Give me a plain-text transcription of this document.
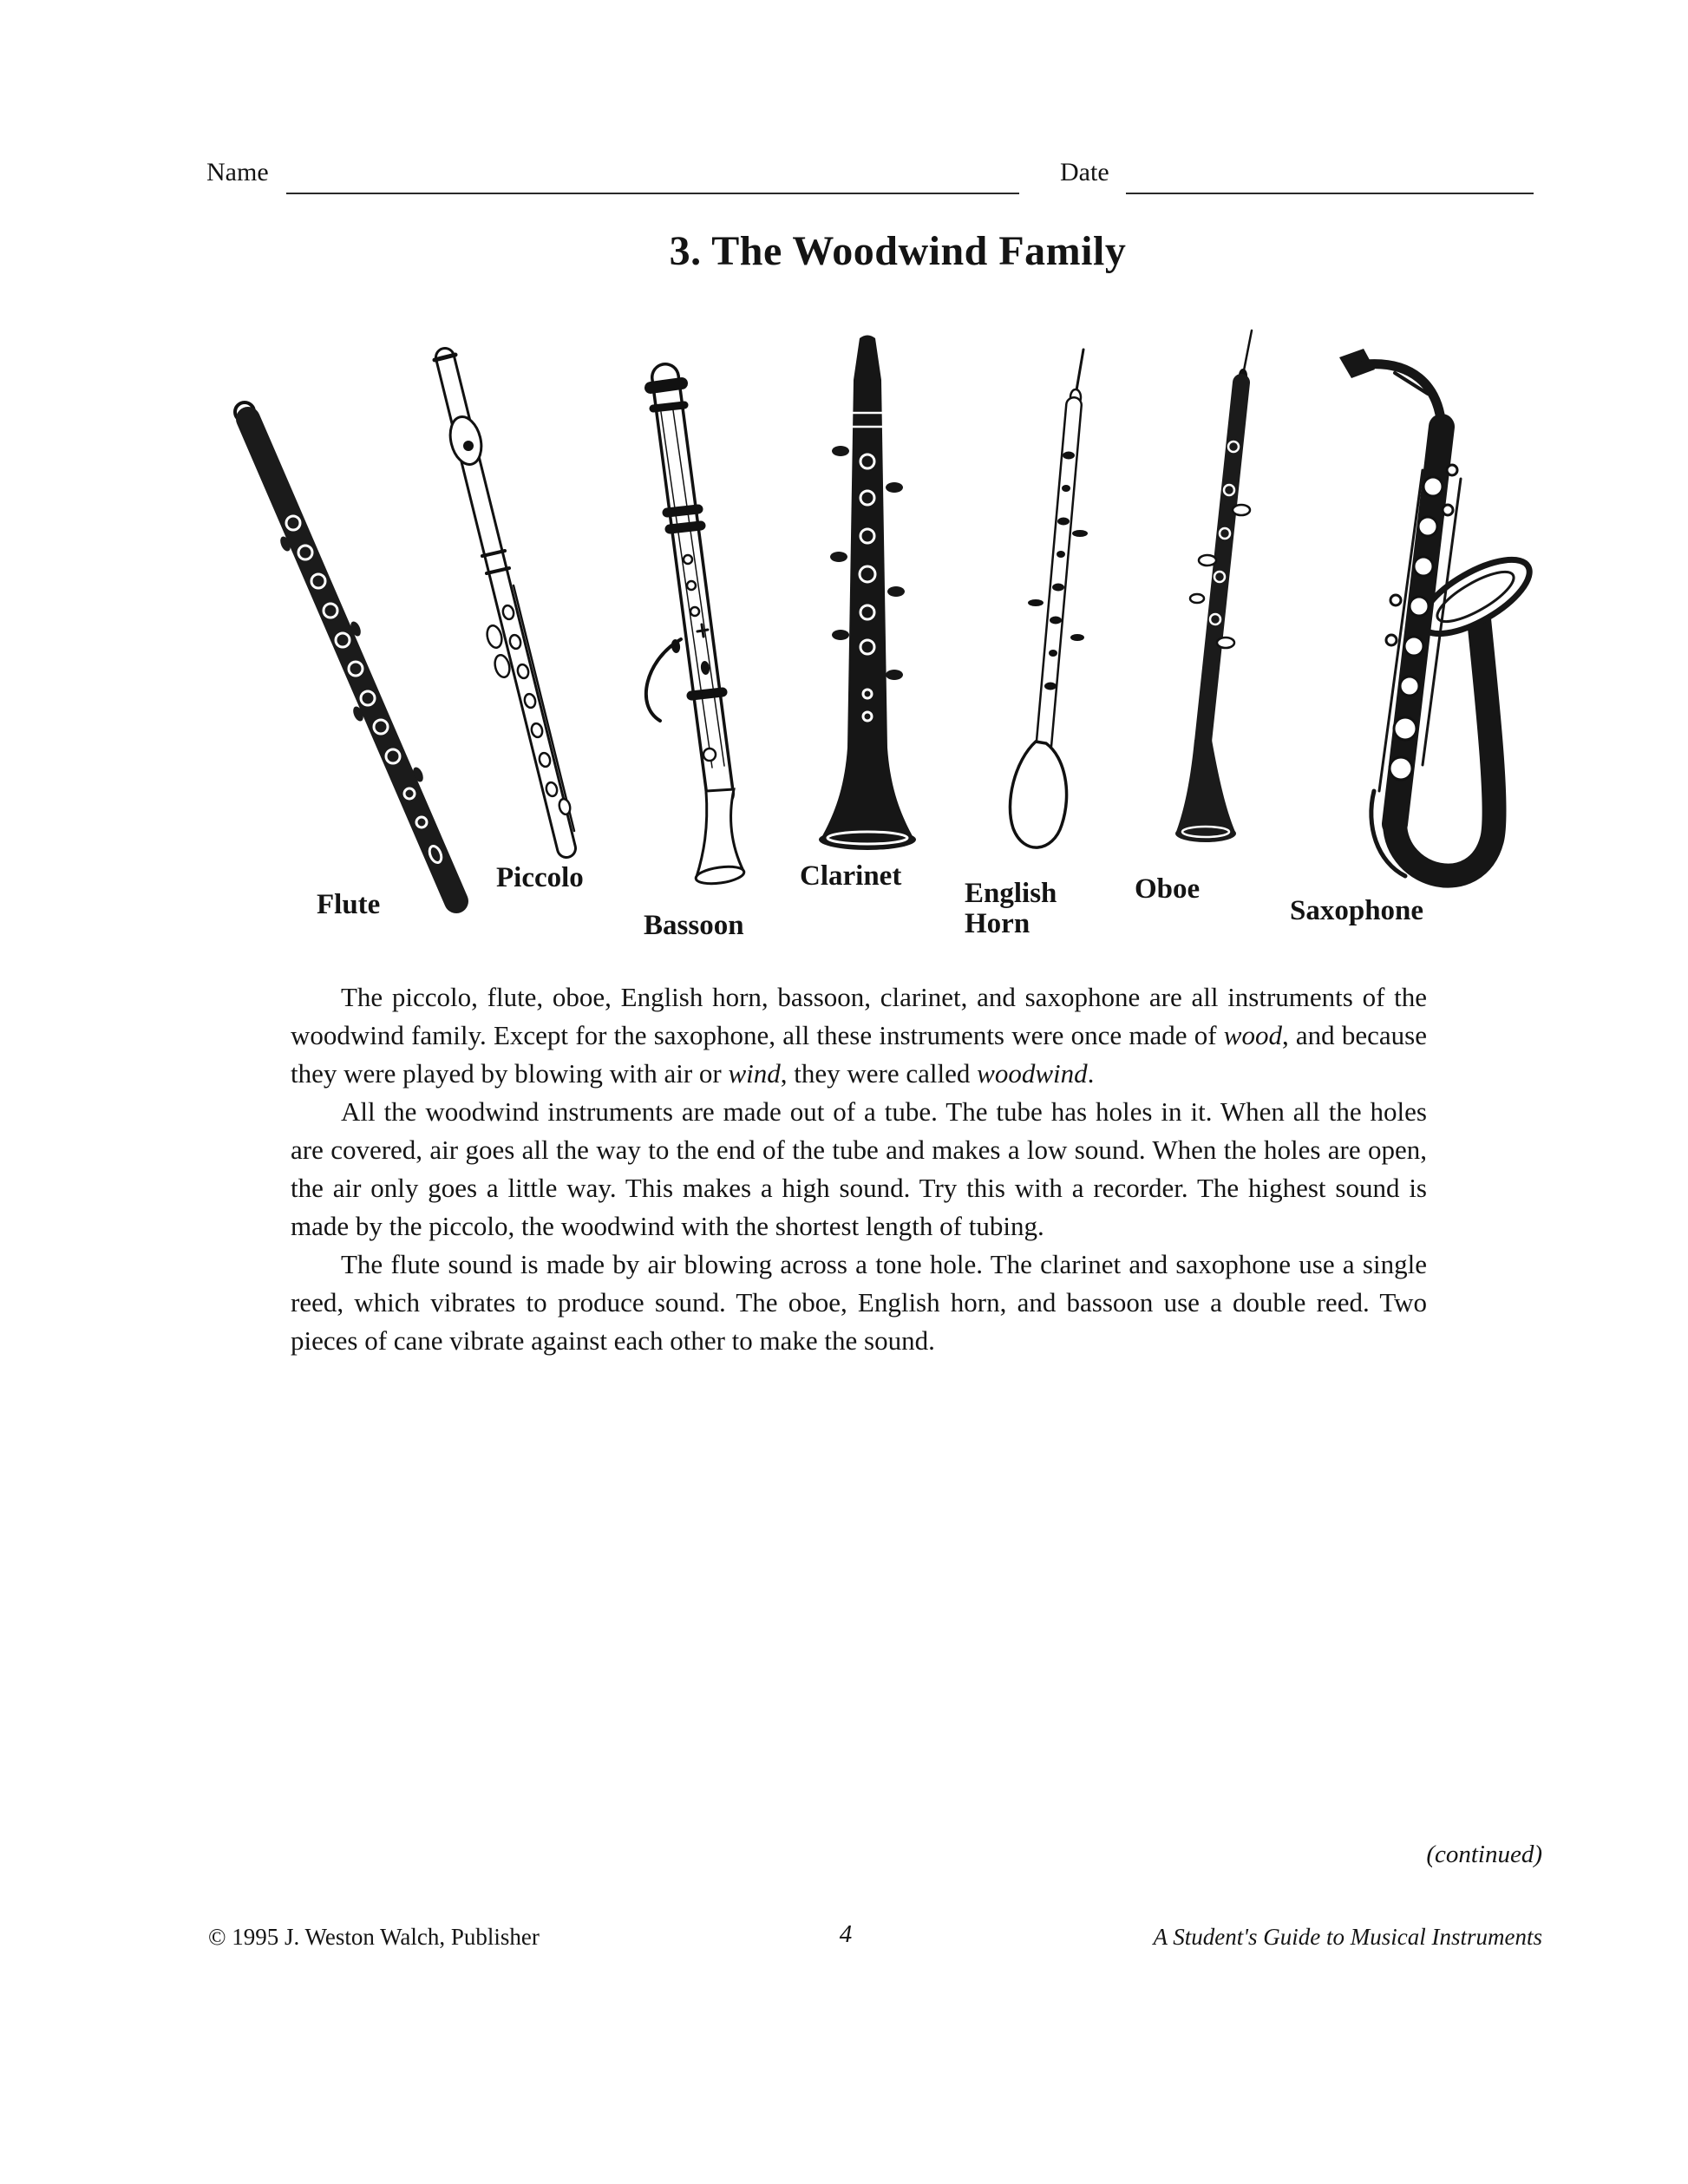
Name	Date
3. The Woodwind Family
Flute
Piccolo
Bassoon
Clarinet
English Horn
Oboe
Saxophone

The piccolo, flute, oboe, English horn, bassoon, clarinet, and saxophone are all instruments of the woodwind family. Except for the saxophone, all these instruments were once made of wood, and because they were played by blowing with air or wind, they were called woodwind.

All the woodwind instruments are made out of a tube. The tube has holes in it. When all the holes are covered, air goes all the way to the end of the tube and makes a low sound. When the holes are open, the air only goes a little way. This makes a high sound. Try this with a recorder. The highest sound is made by the piccolo, the woodwind with the shortest length of tubing.

The flute sound is made by air blowing across a tone hole. The clarinet and saxophone use a single reed, which vibrates to produce sound. The oboe, English horn, and bassoon use a double reed. Two pieces of cane vibrate against each other to make the sound.

(continued)
4
© 1995 J. Weston Walch, Publisher	A Student's Guide to Musical Instruments
